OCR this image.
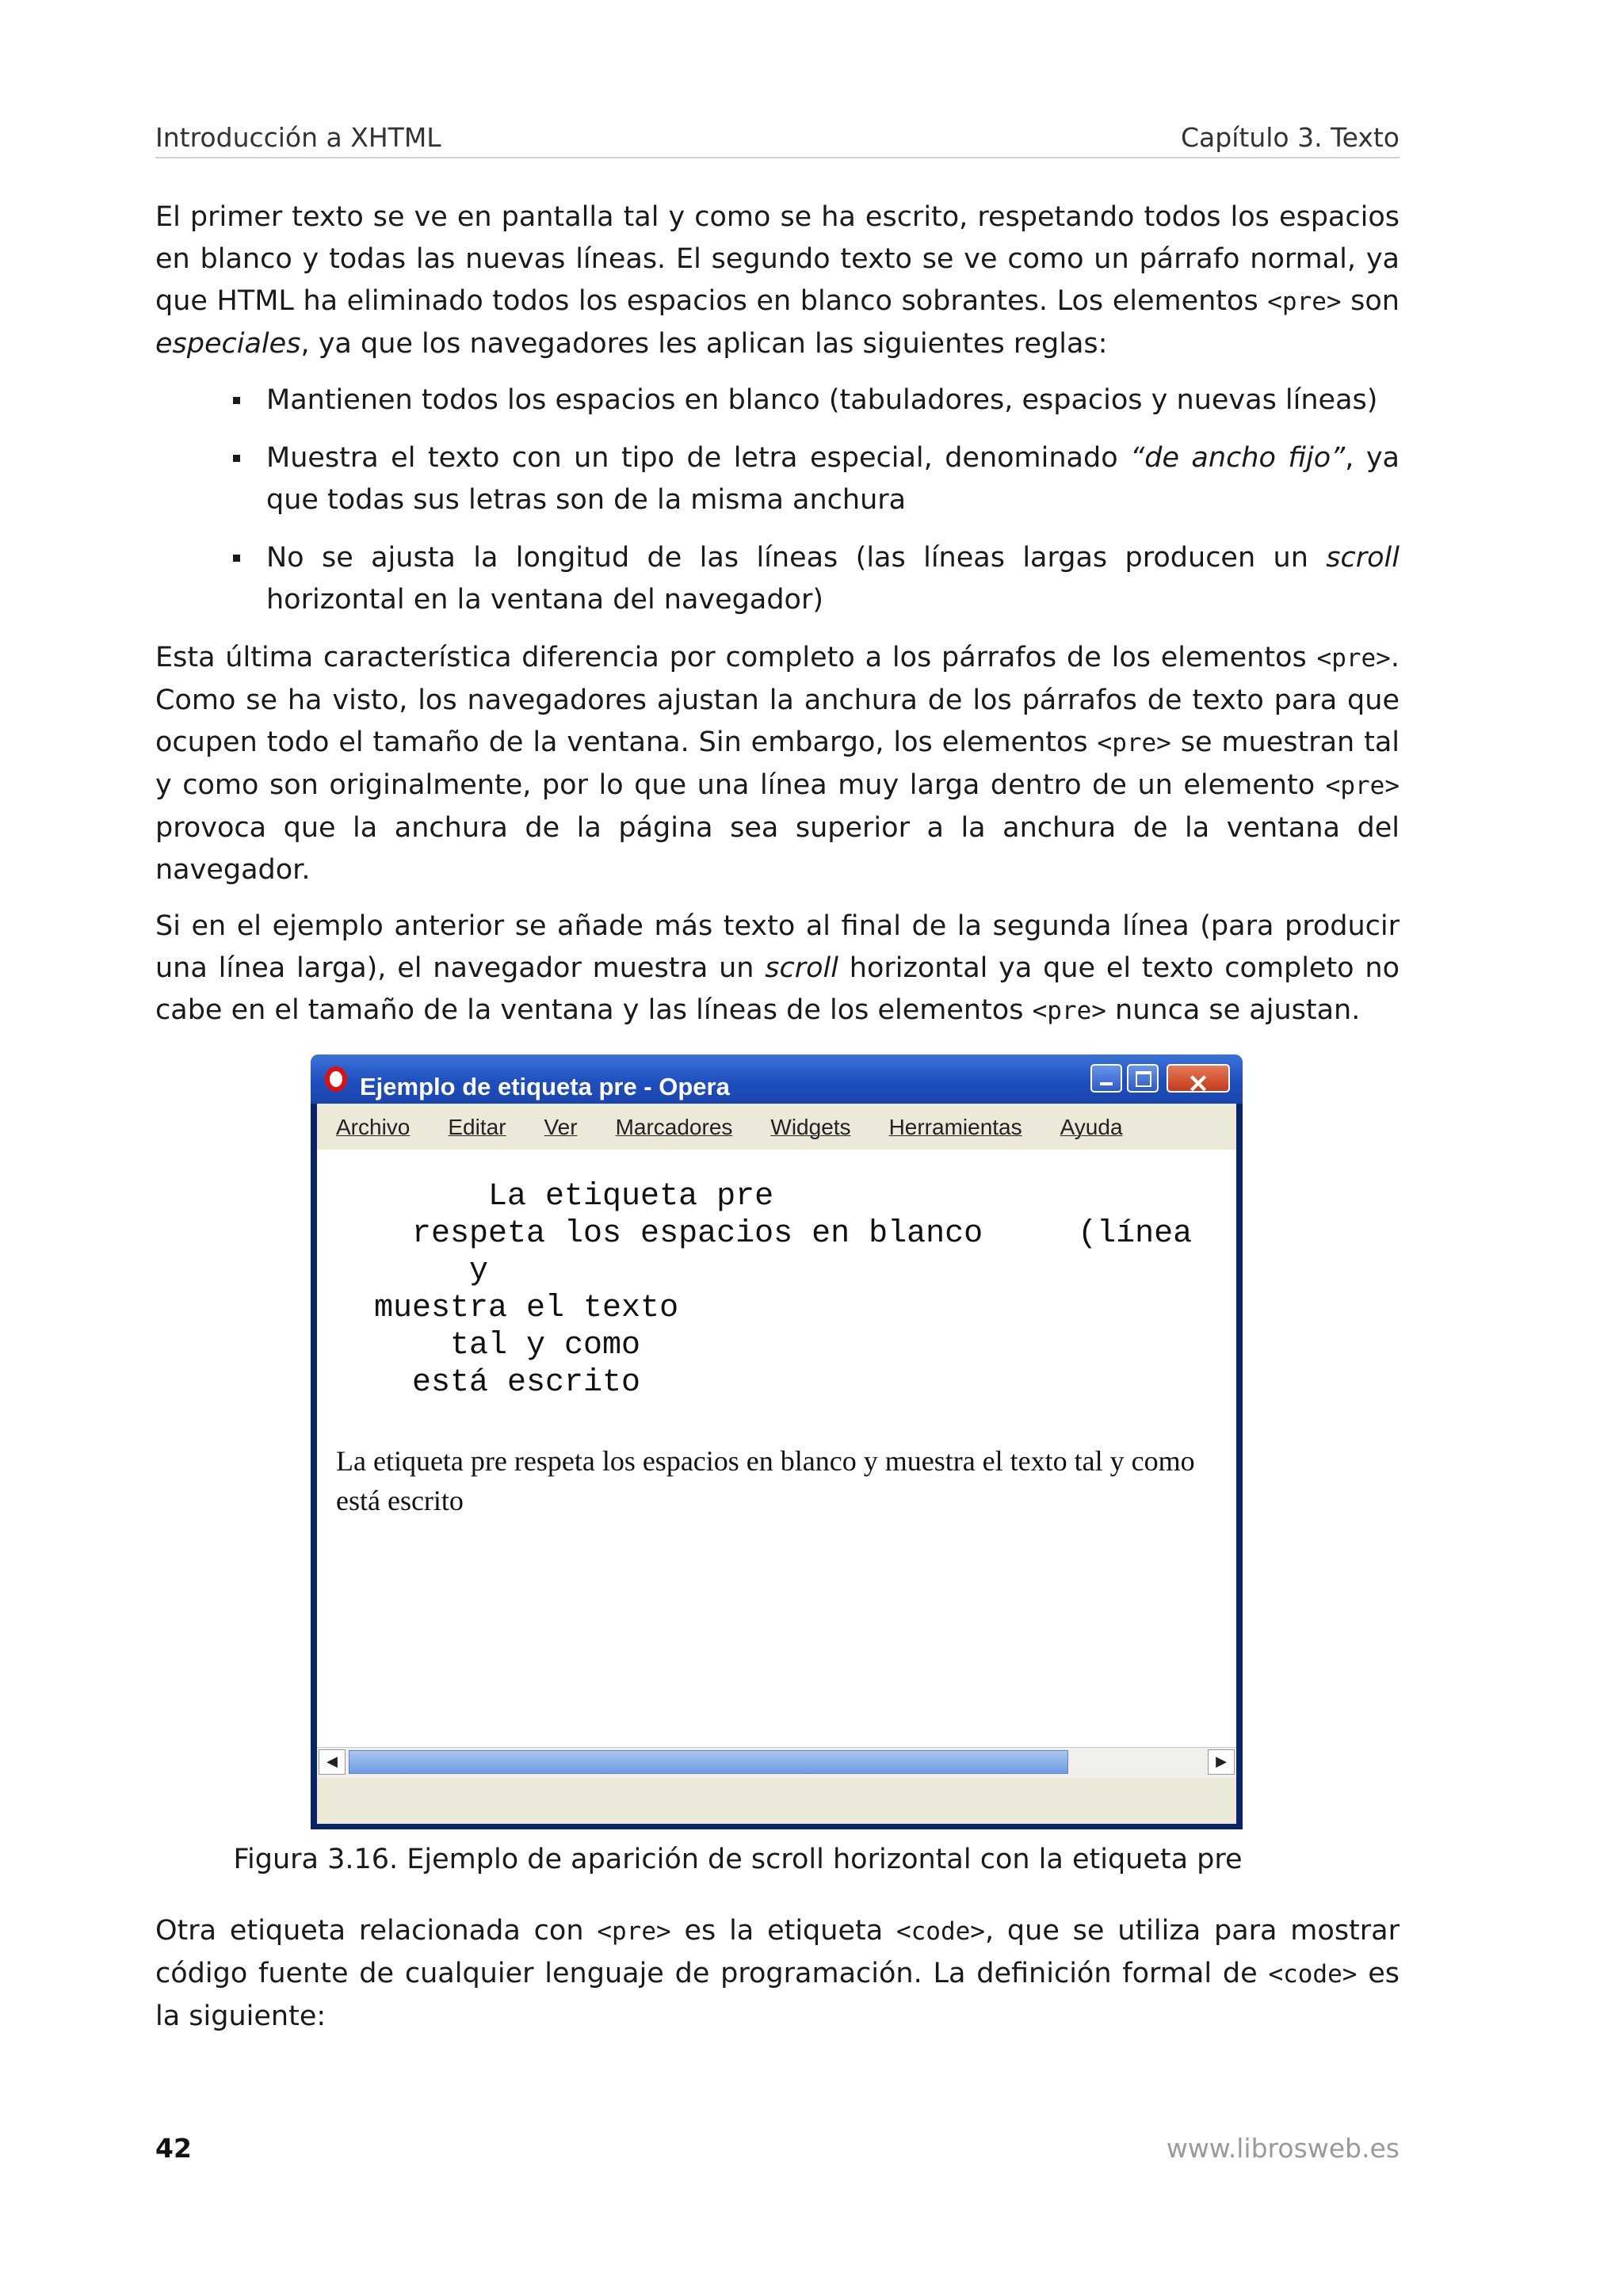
Introducción a XHTML	Capítulo 3. Texto

El primer texto se ve en pantalla tal y como se ha escrito, respetando todos los espacios en blanco y todas las nuevas líneas. El segundo texto se ve como un párrafo normal, ya que HTML ha eliminado todos los espacios en blanco sobrantes. Los elementos <pre> son especiales, ya que los navegadores les aplican las siguientes reglas:

Mantienen todos los espacios en blanco (tabuladores, espacios y nuevas líneas)
Muestra el texto con un tipo de letra especial, denominado “de ancho fijo”, ya que todas sus letras son de la misma anchura
No se ajusta la longitud de las líneas (las líneas largas producen un scroll horizontal en la ventana del navegador)

Esta última característica diferencia por completo a los párrafos de los elementos <pre>. Como se ha visto, los navegadores ajustan la anchura de los párrafos de texto para que ocupen todo el tamaño de la ventana. Sin embargo, los elementos <pre> se muestran tal y como son originalmente, por lo que una línea muy larga dentro de un elemento <pre> provoca que la anchura de la página sea superior a la anchura de la ventana del navegador.

Si en el ejemplo anterior se añade más texto al final de la segunda línea (para producir una línea larga), el navegador muestra un scroll horizontal ya que el texto completo no cabe en el tamaño de la ventana y las líneas de los elementos <pre> nunca se ajustan.

Ejemplo de etiqueta pre - Opera	✕
Archivo Editar Ver Marcadores Widgets Herramientas Ayuda
La etiqueta pre
respeta los espacios en blanco     (línea
y
muestra el texto
tal y como
está escrito
La etiqueta pre respeta los espacios en blanco y muestra el texto tal y como está escrito
◀	▶
Figura 3.16. Ejemplo de aparición de scroll horizontal con la etiqueta pre

Otra etiqueta relacionada con <pre> es la etiqueta <code>, que se utiliza para mostrar código fuente de cualquier lenguaje de programación. La definición formal de <code> es la siguiente:

42	www.librosweb.es
